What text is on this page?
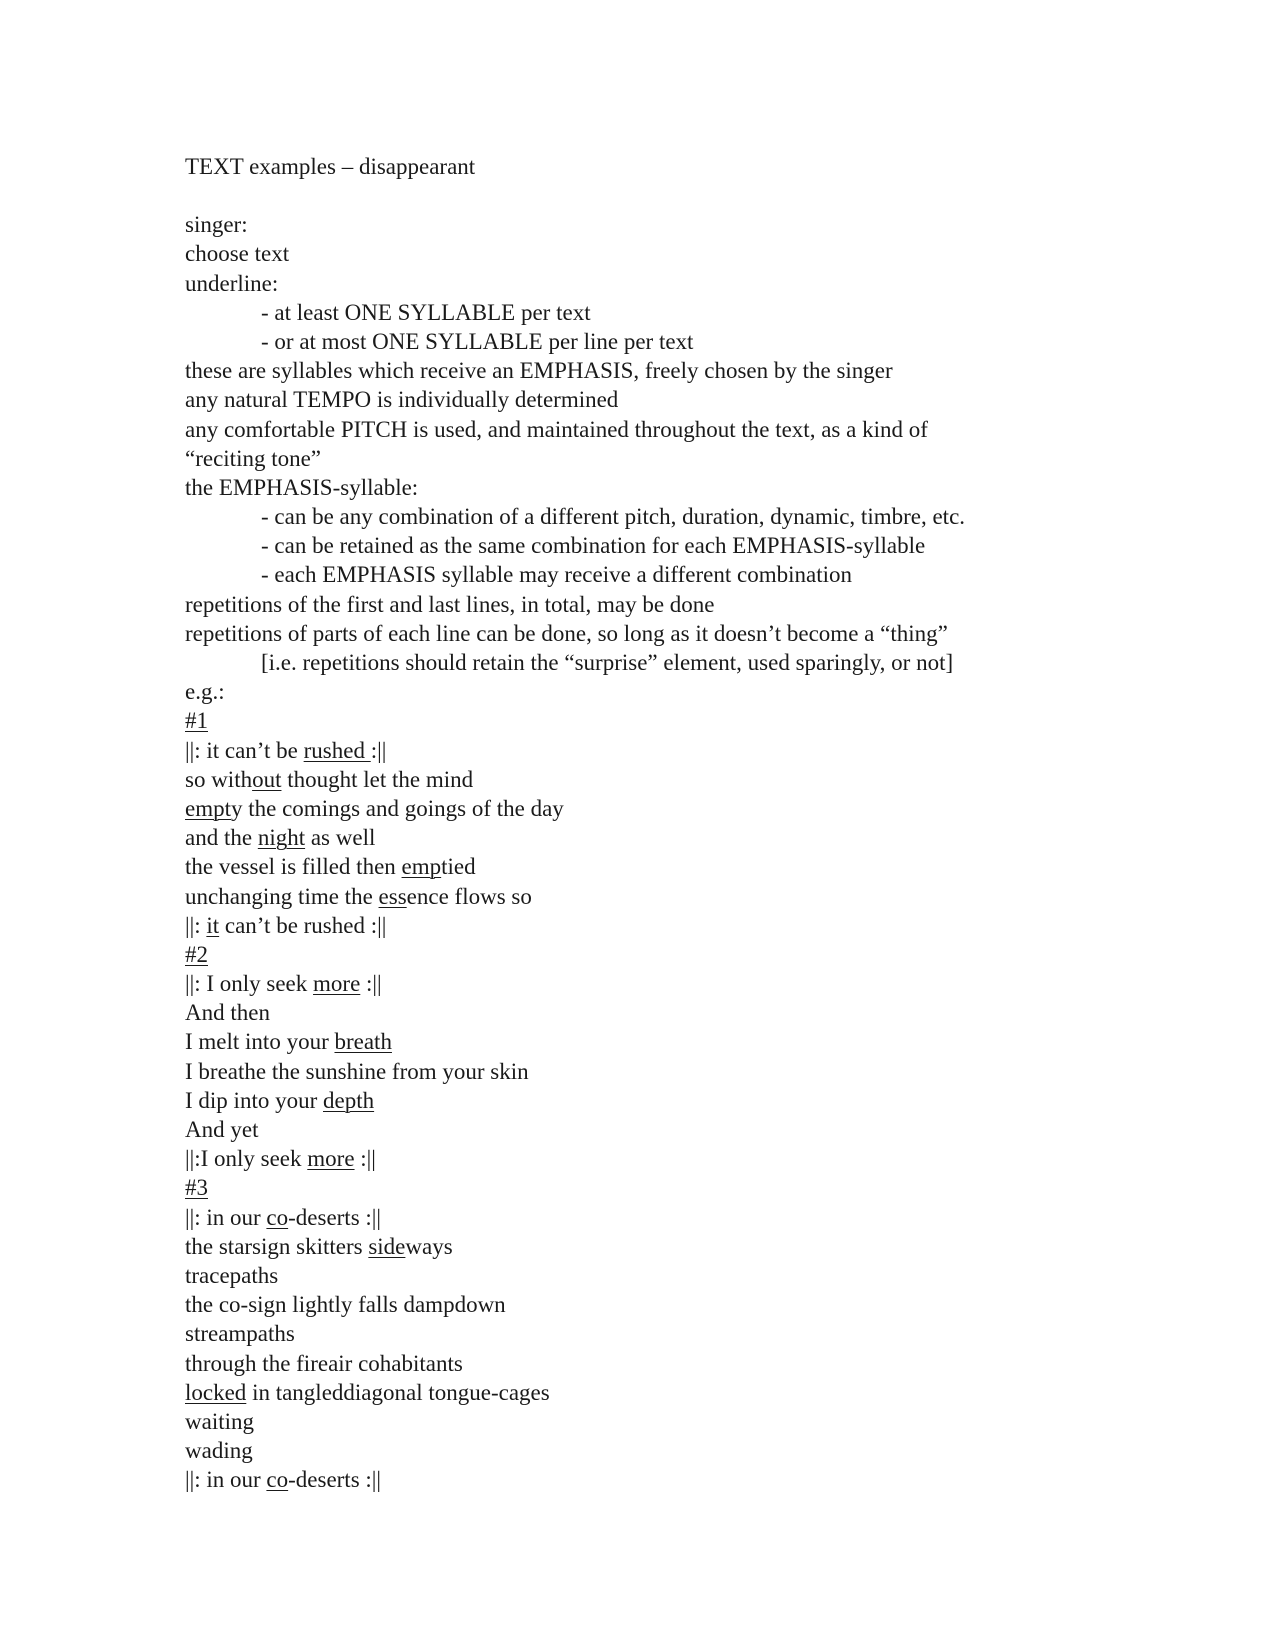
TEXT examples – disappearant
singer:
choose text
underline:
- at least ONE SYLLABLE per text
- or at most ONE SYLLABLE per line per text
these are syllables which receive an EMPHASIS, freely chosen by the singer
any natural TEMPO is individually determined
any comfortable PITCH is used, and maintained throughout the text, as a kind of
“reciting tone”
the EMPHASIS-syllable:
- can be any combination of a different pitch, duration, dynamic, timbre, etc.
- can be retained as the same combination for each EMPHASIS-syllable
- each EMPHASIS syllable may receive a different combination
repetitions of the first and last lines, in total, may be done
repetitions of parts of each line can be done, so long as it doesn’t become a “thing”
[i.e. repetitions should retain the “surprise” element, used sparingly, or not]
e.g.:
#1
||: it can’t be rushed :||
so without thought let the mind
empty the comings and goings of the day
and the night as well
the vessel is filled then emptied
unchanging time the essence flows so
||: it can’t be rushed :||
#2
||: I only seek more :||
And then
I melt into your breath
I breathe the sunshine from your skin
I dip into your depth
And yet
||:I only seek more :||
#3
||: in our co-deserts :||
the starsign skitters sideways
tracepaths
the co-sign lightly falls dampdown
streampaths
through the fireair cohabitants
locked in tangleddiagonal tongue-cages
waiting
wading
||: in our co-deserts :||
